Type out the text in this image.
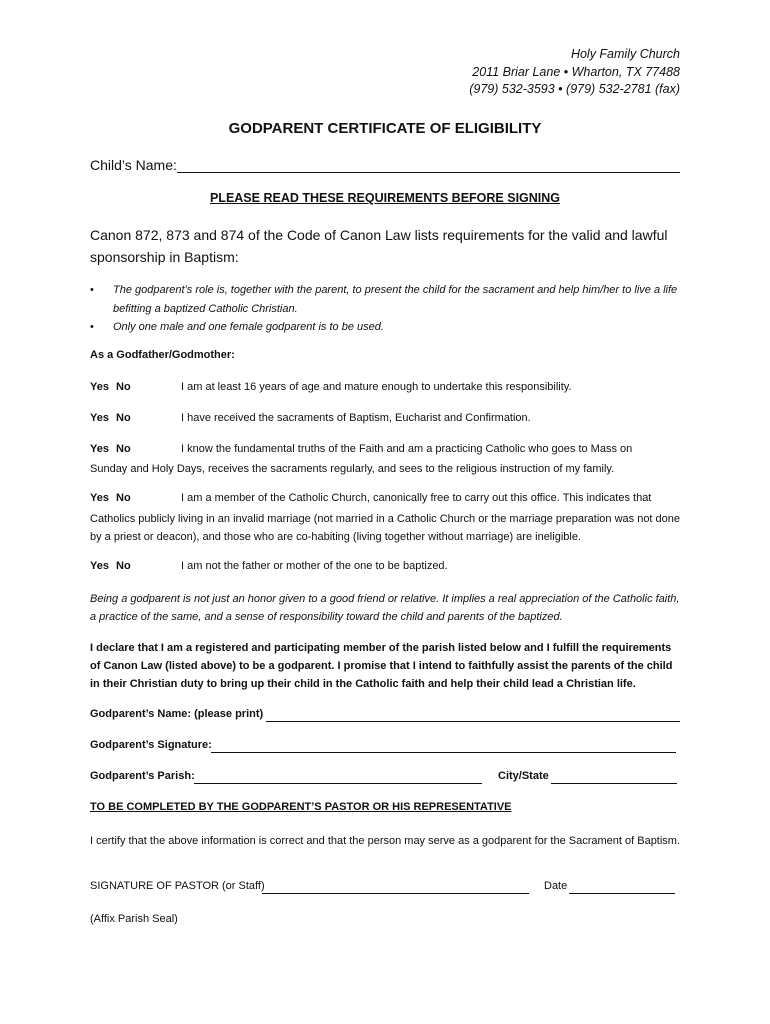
Holy Family Church
2011 Briar Lane • Wharton, TX 77488
(979) 532-3593 • (979) 532-2781 (fax)
GODPARENT CERTIFICATE OF ELIGIBILITY
Child’s Name:
PLEASE READ THESE REQUIREMENTS BEFORE SIGNING
Canon 872, 873 and 874 of the Code of Canon Law lists requirements for the valid and lawful sponsorship in Baptism:
• The godparent’s role is, together with the parent, to present the child for the sacrament and help him/her to live a life befitting a baptized Catholic Christian.
• Only one male and one female godparent is to be used.
As a Godfather/Godmother:
Yes No	I am at least 16 years of age and mature enough to undertake this responsibility.
Yes No	I have received the sacraments of Baptism, Eucharist and Confirmation.
Yes No	I know the fundamental truths of the Faith and am a practicing Catholic who goes to Mass on
Sunday and Holy Days, receives the sacraments regularly, and sees to the religious instruction of my family.
Yes No	I am a member of the Catholic Church, canonically free to carry out this office. This indicates that
Catholics publicly living in an invalid marriage (not married in a Catholic Church or the marriage preparation was not done by a priest or deacon), and those who are co-habiting (living together without marriage) are ineligible.
Yes No	I am not the father or mother of the one to be baptized.
Being a godparent is not just an honor given to a good friend or relative. It implies a real appreciation of the Catholic faith, a practice of the same, and a sense of responsibility toward the child and parents of the baptized.
I declare that I am a registered and participating member of the parish listed below and I fulfill the requirements of Canon Law (listed above) to be a godparent. I promise that I intend to faithfully assist the parents of the child in their Christian duty to bring up their child in the Catholic faith and help their child lead a Christian life.
Godparent’s Name: (please print)
Godparent’s Signature:
Godparent’s Parish:	City/State
TO BE COMPLETED BY THE GODPARENT’S PASTOR OR HIS REPRESENTATIVE
I certify that the above information is correct and that the person may serve as a godparent for the Sacrament of Baptism.
SIGNATURE OF PASTOR (or Staff)	Date
(Affix Parish Seal)
